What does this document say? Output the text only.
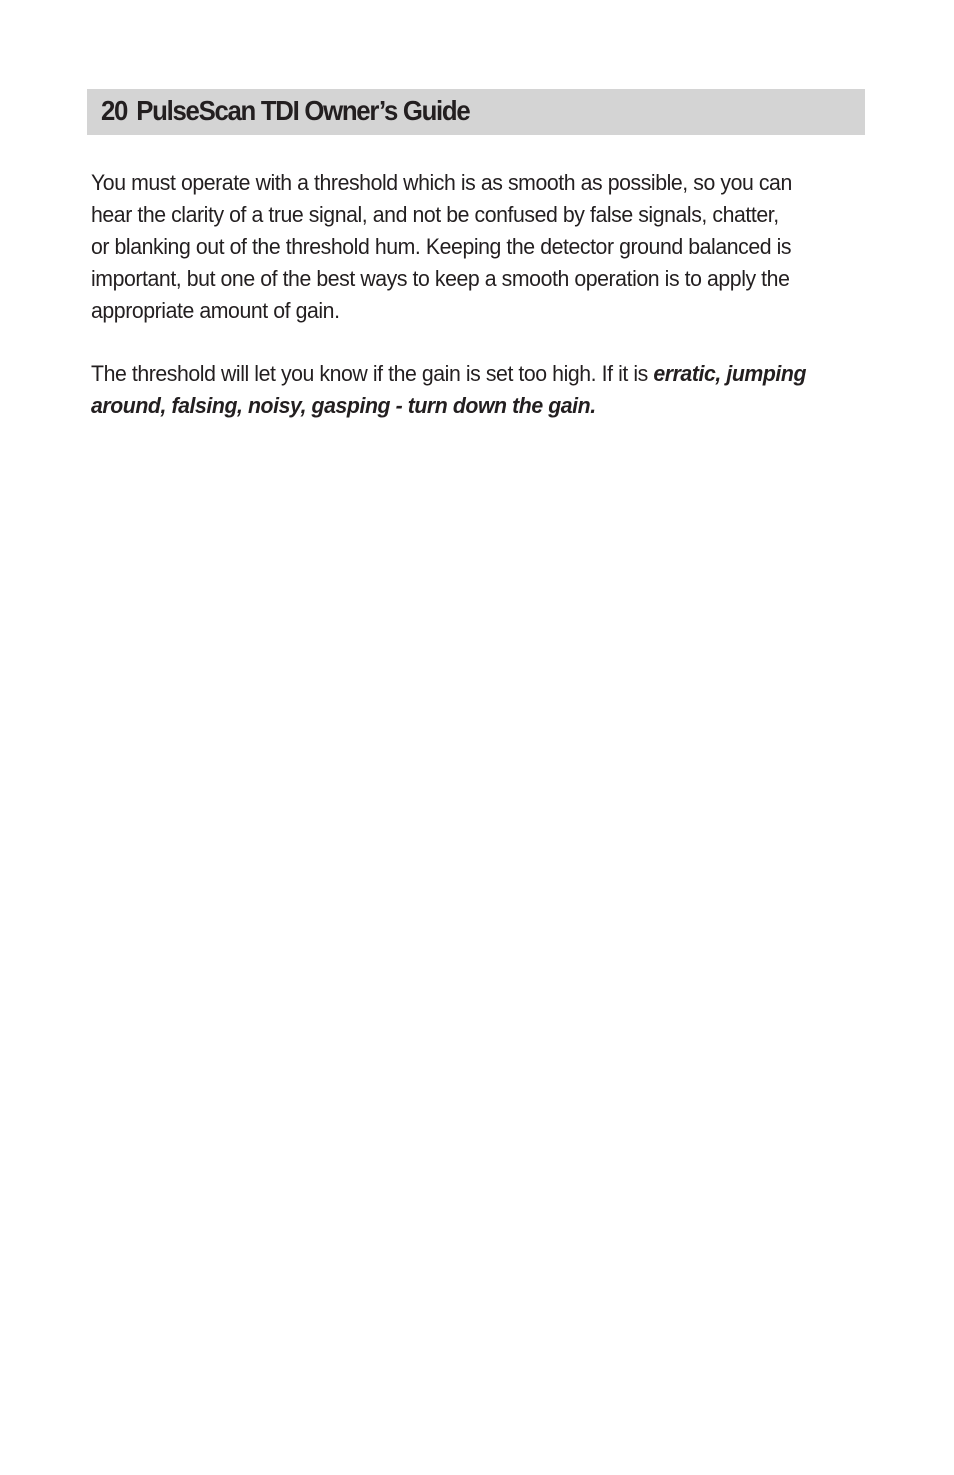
20 PulseScan TDI Owner’s Guide

You must operate with a threshold which is as smooth as possible, so you can
hear the clarity of a true signal, and not be confused by false signals, chatter,
or blanking out of the threshold hum. Keeping the detector ground balanced is
important, but one of the best ways to keep a smooth operation is to apply the
appropriate amount of gain.

The threshold will let you know if the gain is set too high. If it is erratic, jumping
around, falsing, noisy, gasping - turn down the gain.
